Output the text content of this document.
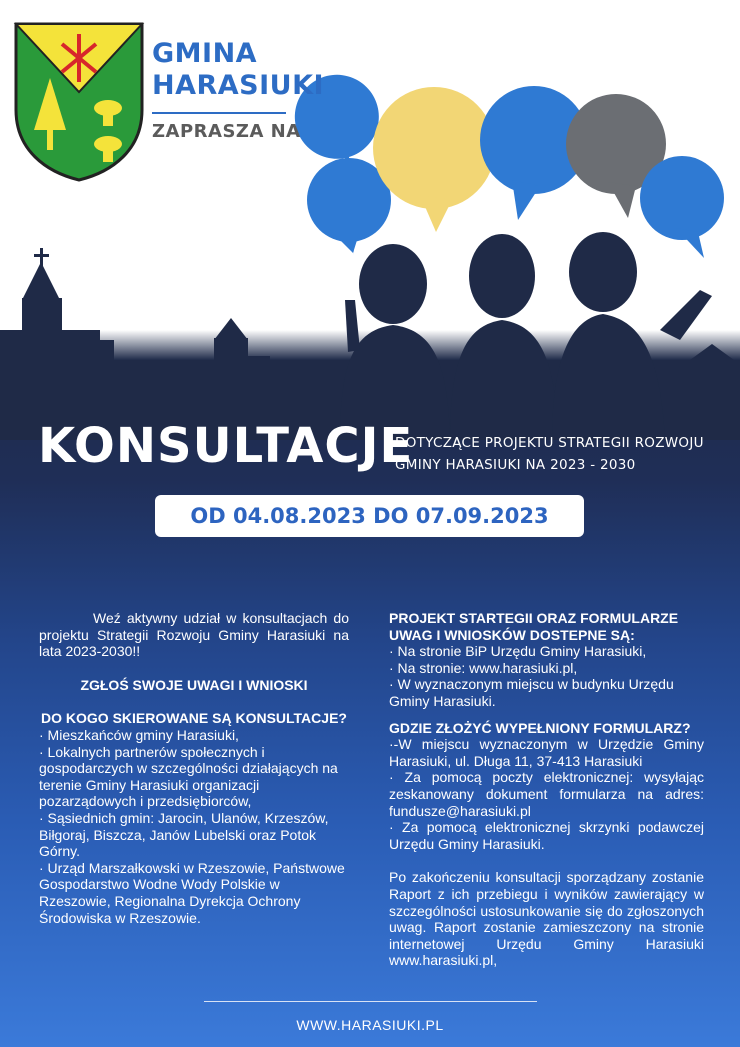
GMINA
HARASIUKI
ZAPRASZA NA
KONSULTACJE
DOTYCZĄCE PROJEKTU STRATEGII ROZWOJU
GMINY HARASIUKI NA 2023 - 2030
OD 04.08.2023 DO 07.09.2023

Weź aktywny udział w konsultacjach do projektu Strategii Rozwoju Gminy Harasiuki na lata 2023-2030!!

ZGŁOŚ SWOJE UWAGI I WNIOSKI

DO KOGO SKIEROWANE SĄ KONSULTACJE?

· Mieszkańców gminy Harasiuki,

· Lokalnych partnerów społecznych i gospodarczych w szczególności działających na terenie Gminy Harasiuki organizacji pozarządowych i przedsiębiorców,

· Sąsiednich gmin: Jarocin, Ulanów, Krzeszów, Biłgoraj, Biszcza, Janów Lubelski oraz Potok Górny.

· Urząd Marszałkowski w Rzeszowie, Państwowe Gospodarstwo Wodne Wody Polskie w Rzeszowie, Regionalna Dyrekcja Ochrony Środowiska w Rzeszowie.

PROJEKT STARTEGII ORAZ FORMULARZE UWAG I WNIOSKÓW DOSTEPNE SĄ:

· Na stronie BiP Urzędu Gminy Harasiuki,

· Na stronie: www.harasiuki.pl,

· W wyznaczonym miejscu w budynku Urzędu Gminy Harasiuki.

GDZIE ZŁOŻYĆ WYPEŁNIONY FORMULARZ?

·-W miejscu wyznaczonym w Urzędzie Gminy Harasiuki, ul. Długa 11, 37-413 Harasiuki

· Za pomocą poczty elektronicznej: wysyłając zeskanowany dokument formularza na adres: fundusze@harasiuki.pl

· Za pomocą elektronicznej skrzynki podawczej Urzędu Gminy Harasiuki.

Po zakończeniu konsultacji sporządzany zostanie Raport z ich przebiegu i wyników zawierający w szczególności ustosunkowanie się do zgłoszonych uwag. Raport zostanie zamieszczony na stronie internetowej Urzędu Gminy Harasiuki www.harasiuki.pl,

WWW.HARASIUKI.PL
